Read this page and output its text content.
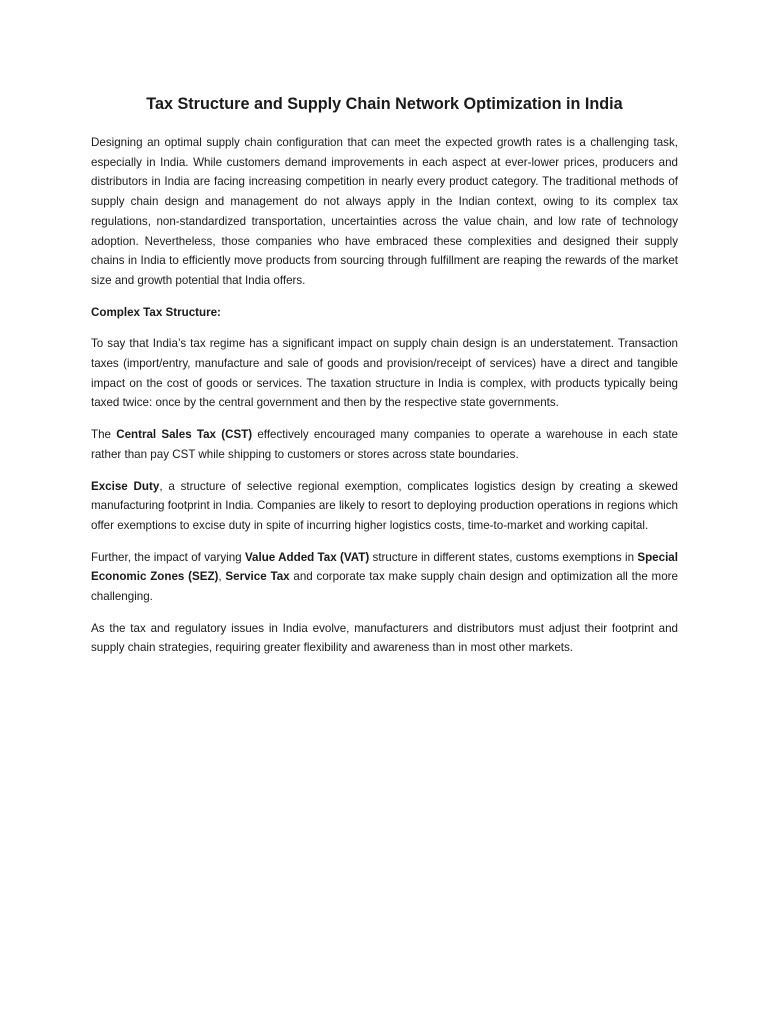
Tax Structure and Supply Chain Network Optimization in India

Designing an optimal supply chain configuration that can meet the expected growth rates is a challenging task, especially in India. While customers demand improvements in each aspect at ever-lower prices, producers and distributors in India are facing increasing competition in nearly every product category. The traditional methods of supply chain design and management do not always apply in the Indian context, owing to its complex tax regulations, non-standardized transportation, uncertainties across the value chain, and low rate of technology adoption. Nevertheless, those companies who have embraced these complexities and designed their supply chains in India to efficiently move products from sourcing through fulfillment are reaping the rewards of the market size and growth potential that India offers.

Complex Tax Structure:

To say that India’s tax regime has a significant impact on supply chain design is an understatement. Transaction taxes (import/entry, manufacture and sale of goods and provision/receipt of services) have a direct and tangible impact on the cost of goods or services. The taxation structure in India is complex, with products typically being taxed twice: once by the central government and then by the respective state governments.

The Central Sales Tax (CST) effectively encouraged many companies to operate a warehouse in each state rather than pay CST while shipping to customers or stores across state boundaries.

Excise Duty, a structure of selective regional exemption, complicates logistics design by creating a skewed manufacturing footprint in India. Companies are likely to resort to deploying production operations in regions which offer exemptions to excise duty in spite of incurring higher logistics costs, time-to-market and working capital.

Further, the impact of varying Value Added Tax (VAT) structure in different states, customs exemptions in Special Economic Zones (SEZ), Service Tax and corporate tax make supply chain design and optimization all the more challenging.

As the tax and regulatory issues in India evolve, manufacturers and distributors must adjust their footprint and supply chain strategies, requiring greater flexibility and awareness than in most other markets.
